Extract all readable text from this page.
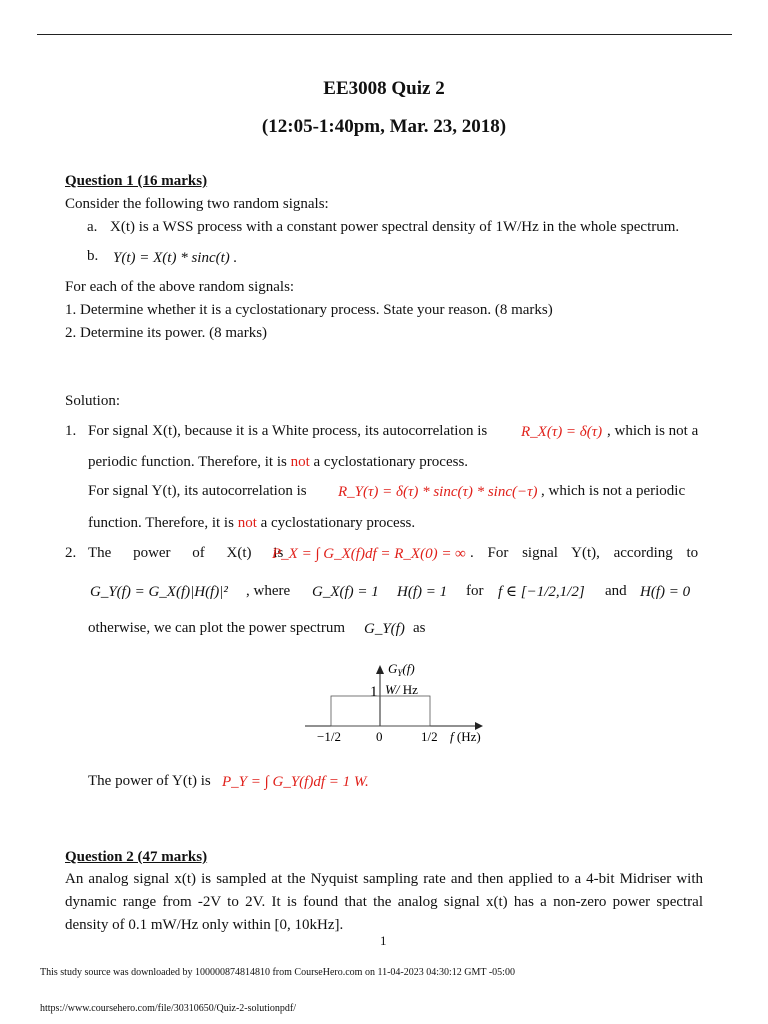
EE3008 Quiz 2
(12:05-1:40pm, Mar. 23, 2018)
Question 1 (16 marks)
Consider the following two random signals:
a. X(t) is a WSS process with a constant power spectral density of 1W/Hz in the whole spectrum.
b. Y(t) = X(t) * sinc(t) .
For each of the above random signals:
1. Determine whether it is a cyclostationary process. State your reason. (8 marks)
2. Determine its power. (8 marks)
Solution:
1. For signal X(t), because it is a White process, its autocorrelation is R_X(τ) = δ(τ) , which is not a
periodic function. Therefore, it is not a cyclostationary process.
For signal Y(t), its autocorrelation is R_Y(τ) = δ(τ) * sinc(τ) * sinc(−τ) , which is not a periodic
function. Therefore, it is not a cyclostationary process.
2. The power of X(t) is
P_X = ∫ G_X(f)df = R_X(0) = ∞ . For signal Y(t), according to
G_Y(f) = G_X(f)|H(f)|² , where G_X(f) = 1 H(f) = 1 for f ∈ [−1/2,1/2] and H(f) = 0
otherwise, we can plot the power spectrum G_Y(f) as
$G_Y(f)$
1 W/ Hz
−1/2	0	1/2 f (Hz)
The power of Y(t) is P_Y = ∫ G_Y(f)df = 1 W.
Question 2 (47 marks)
An analog signal x(t) is sampled at the Nyquist sampling rate and then applied to a 4-bit Midriser with
dynamic range from -2V to 2V. It is found that the analog signal x(t) has a non-zero power spectral
density of 0.1 mW/Hz only within [0, 10kHz].
1
This study source was downloaded by 100000874814810 from CourseHero.com on 11-04-2023 04:30:12 GMT -05:00
https://www.coursehero.com/file/30310650/Quiz-2-solutionpdf/
